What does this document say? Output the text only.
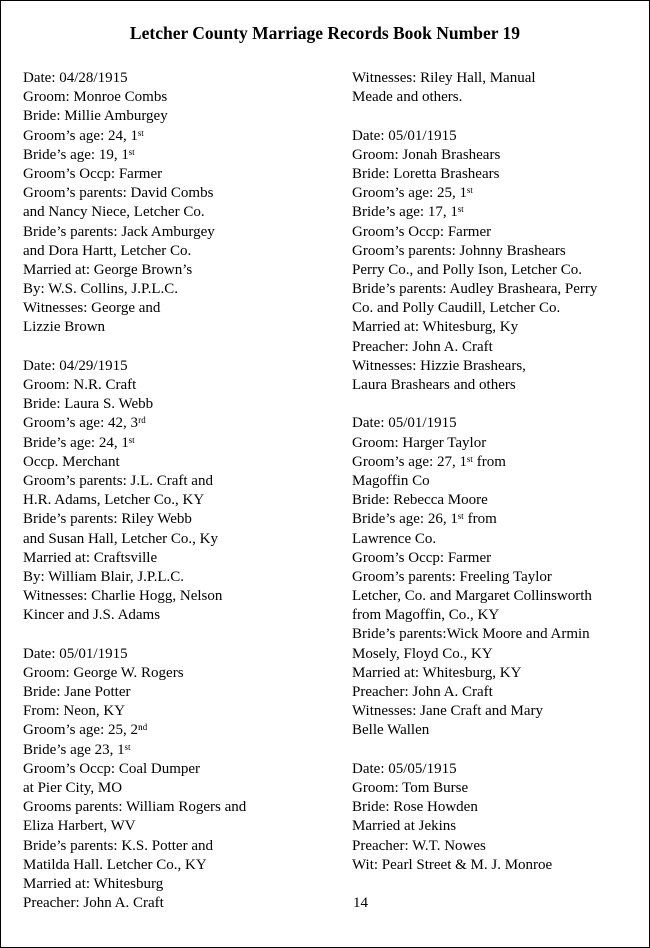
Letcher County Marriage Records Book Number 19
Date: 04/28/1915
Groom: Monroe Combs
Bride: Millie Amburgey
Groom’s age: 24, 1ˢᵗ
Bride’s age: 19, 1ˢᵗ
Groom’s Occp: Farmer
Groom’s parents: David Combs
and Nancy Niece, Letcher Co.
Bride’s parents: Jack Amburgey
and Dora Hartt, Letcher Co.
Married at: George Brown’s
By: W.S. Collins, J.P.L.C.
Witnesses: George and
Lizzie Brown
Date: 04/29/1915
Groom: N.R. Craft
Bride: Laura S. Webb
Groom’s age: 42, 3ʳᵈ
Bride’s age: 24, 1ˢᵗ
Occp. Merchant
Groom’s parents: J.L. Craft and
H.R. Adams, Letcher Co., KY
Bride’s parents: Riley Webb
and Susan Hall, Letcher Co., Ky
Married at: Craftsville
By: William Blair, J.P.L.C.
Witnesses: Charlie Hogg, Nelson
Kincer and J.S. Adams
Date: 05/01/1915
Groom: George W. Rogers
Bride: Jane Potter
From: Neon, KY
Groom’s age: 25, 2ⁿᵈ
Bride’s age 23, 1ˢᵗ
Groom’s Occp: Coal Dumper
at Pier City, MO
Grooms parents: William Rogers and
Eliza Harbert, WV
Bride’s parents: K.S. Potter and
Matilda Hall. Letcher Co., KY
Married at: Whitesburg
Preacher: John A. Craft
Witnesses: Riley Hall, Manual
Meade and others.
Date: 05/01/1915
Groom: Jonah Brashears
Bride: Loretta Brashears
Groom’s age: 25, 1ˢᵗ
Bride’s age: 17, 1ˢᵗ
Groom’s Occp: Farmer
Groom’s parents: Johnny Brashears
Perry Co., and Polly Ison, Letcher Co.
Bride’s parents: Audley Brasheara, Perry
Co. and Polly Caudill, Letcher Co.
Married at: Whitesburg, Ky
Preacher: John A. Craft
Witnesses: Hizzie Brashears,
Laura Brashears and others
Date: 05/01/1915
Groom: Harger Taylor
Groom’s age: 27, 1ˢᵗ from
Magoffin Co
Bride: Rebecca Moore
Bride’s age: 26, 1ˢᵗ from
Lawrence Co.
Groom’s Occp: Farmer
Groom’s parents: Freeling Taylor
Letcher, Co. and Margaret Collinsworth
from Magoffin, Co., KY
Bride’s parents:Wick Moore and Armin
Mosely, Floyd Co., KY
Married at: Whitesburg, KY
Preacher: John A. Craft
Witnesses: Jane Craft and Mary
Belle Wallen
Date: 05/05/1915
Groom: Tom Burse
Bride: Rose Howden
Married at Jekins
Preacher: W.T. Nowes
Wit: Pearl Street & M. J. Monroe
14
